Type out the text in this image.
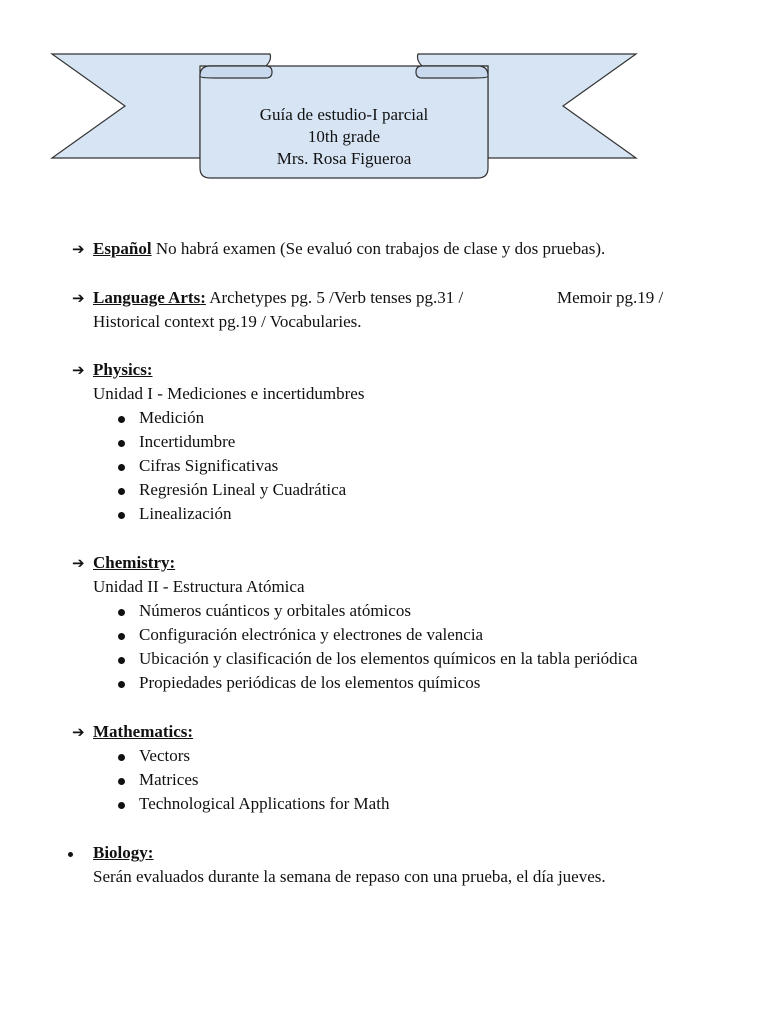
Guía de estudio-I parcial
10th grade
Mrs. Rosa Figueroa
➔ Español No habrá examen (Se evaluó con trabajos de clase y dos pruebas).
➔ Language Arts: Archetypes pg. 5 /Verb tenses pg.31 /	Memoir pg.19 /
Historical context pg.19 / Vocabularies.
➔ Physics:
Unidad I - Mediciones e incertidumbres
Medición
Incertidumbre
Cifras Significativas
Regresión Lineal y Cuadrática
Linealización
➔ Chemistry:
Unidad II - Estructura Atómica
Números cuánticos y orbitales atómicos
Configuración electrónica y electrones de valencia
Ubicación y clasificación de los elementos químicos en la tabla periódica
Propiedades periódicas de los elementos químicos
➔ Mathematics:
Vectors
Matrices
Technological Applications for Math
Biology:
Serán evaluados durante la semana de repaso con una prueba, el día jueves.
